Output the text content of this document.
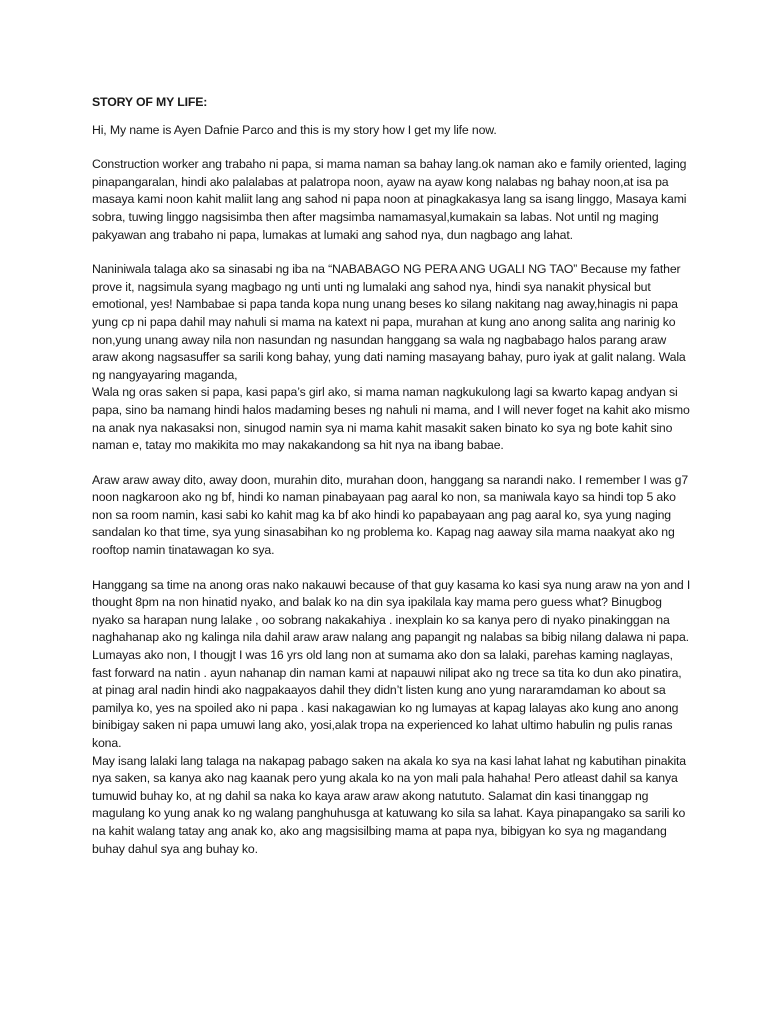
STORY OF MY LIFE:

Hi, My name is Ayen Dafnie Parco and this is my story how I get my life now.

Construction worker ang trabaho ni papa, si mama naman sa bahay lang.ok naman ako e family oriented, laging pinapangaralan, hindi ako palalabas at palatropa noon, ayaw na ayaw kong nalabas ng bahay noon,at isa pa masaya kami noon kahit maliit lang ang sahod ni papa noon at pinagkakasya lang sa isang linggo, Masaya kami sobra, tuwing linggo nagsisimba then after magsimba namamasyal,kumakain sa labas. Not until ng maging pakyawan ang trabaho ni papa, lumakas at lumaki ang sahod nya, dun nagbago ang lahat.

Naniniwala talaga ako sa sinasabi ng iba na “NABABAGO NG PERA ANG UGALI NG TAO” Because my father prove it, nagsimula syang magbago ng unti unti ng lumalaki ang sahod nya, hindi sya nanakit physical but emotional, yes! Nambabae si papa tanda kopa nung unang beses ko silang nakitang nag away,hinagis ni papa yung cp ni papa dahil may nahuli si mama na katext ni papa, murahan at kung ano anong salita ang narinig ko non,yung unang away nila non nasundan ng nasundan hanggang sa wala ng nagbabago halos parang araw araw akong nagsasuffer sa sarili kong bahay, yung dati naming masayang bahay, puro iyak at galit nalang. Wala ng nangyayaring maganda,

Wala ng oras saken si papa, kasi papa’s girl ako, si mama naman nagkukulong lagi sa kwarto kapag andyan si papa, sino ba namang hindi halos madaming beses ng nahuli ni mama, and I will never foget na kahit ako mismo na anak nya nakasaksi non, sinugod namin sya ni mama kahit masakit saken binato ko sya ng bote kahit sino naman e, tatay mo makikita mo may nakakandong sa hit nya na ibang babae.

Araw araw away dito, away doon, murahin dito, murahan doon, hanggang sa narandi nako. I remember I was g7 noon nagkaroon ako ng bf, hindi ko naman pinabayaan pag aaral ko non, sa maniwala kayo sa hindi top 5 ako non sa room namin, kasi sabi ko kahit mag ka bf ako hindi ko papabayaan ang pag aaral ko, sya yung naging sandalan ko that time, sya yung sinasabihan ko ng problema ko. Kapag nag aaway sila mama naakyat ako ng rooftop namin tinatawagan ko sya.

Hanggang sa time na anong oras nako nakauwi because of that guy kasama ko kasi sya nung araw na yon and I thought 8pm na non hinatid nyako, and balak ko na din sya ipakilala kay mama pero guess what? Binugbog nyako sa harapan nung lalake , oo sobrang nakakahiya . inexplain ko sa kanya pero di nyako pinakinggan na naghahanap ako ng kalinga nila dahil araw araw nalang ang papangit ng nalabas sa bibig nilang dalawa ni papa. Lumayas ako non, I thougjt I was 16 yrs old lang non at sumama ako don sa lalaki, parehas kaming naglayas, fast forward na natin . ayun nahanap din naman kami at napauwi nilipat ako ng trece sa tita ko dun ako pinatira, at pinag aral nadin hindi ako nagpakaayos dahil they didn’t listen kung ano yung nararamdaman ko about sa pamilya ko, yes na spoiled ako ni papa . kasi nakagawian ko ng lumayas at kapag lalayas ako kung ano anong binibigay saken ni papa umuwi lang ako, yosi,alak tropa na experienced ko lahat ultimo habulin ng pulis ranas kona.

May isang lalaki lang talaga na nakapag pabago saken na akala ko sya na kasi lahat lahat ng kabutihan pinakita nya saken, sa kanya ako nag kaanak pero yung akala ko na yon mali pala hahaha! Pero atleast dahil sa kanya tumuwid buhay ko, at ng dahil sa naka ko kaya araw araw akong natututo. Salamat din kasi tinanggap ng magulang ko yung anak ko ng walang panghuhusga at katuwang ko sila sa lahat. Kaya pinapangako sa sarili ko na kahit walang tatay ang anak ko, ako ang magsisilbing mama at papa nya, bibigyan ko sya ng magandang buhay dahul sya ang buhay ko.
